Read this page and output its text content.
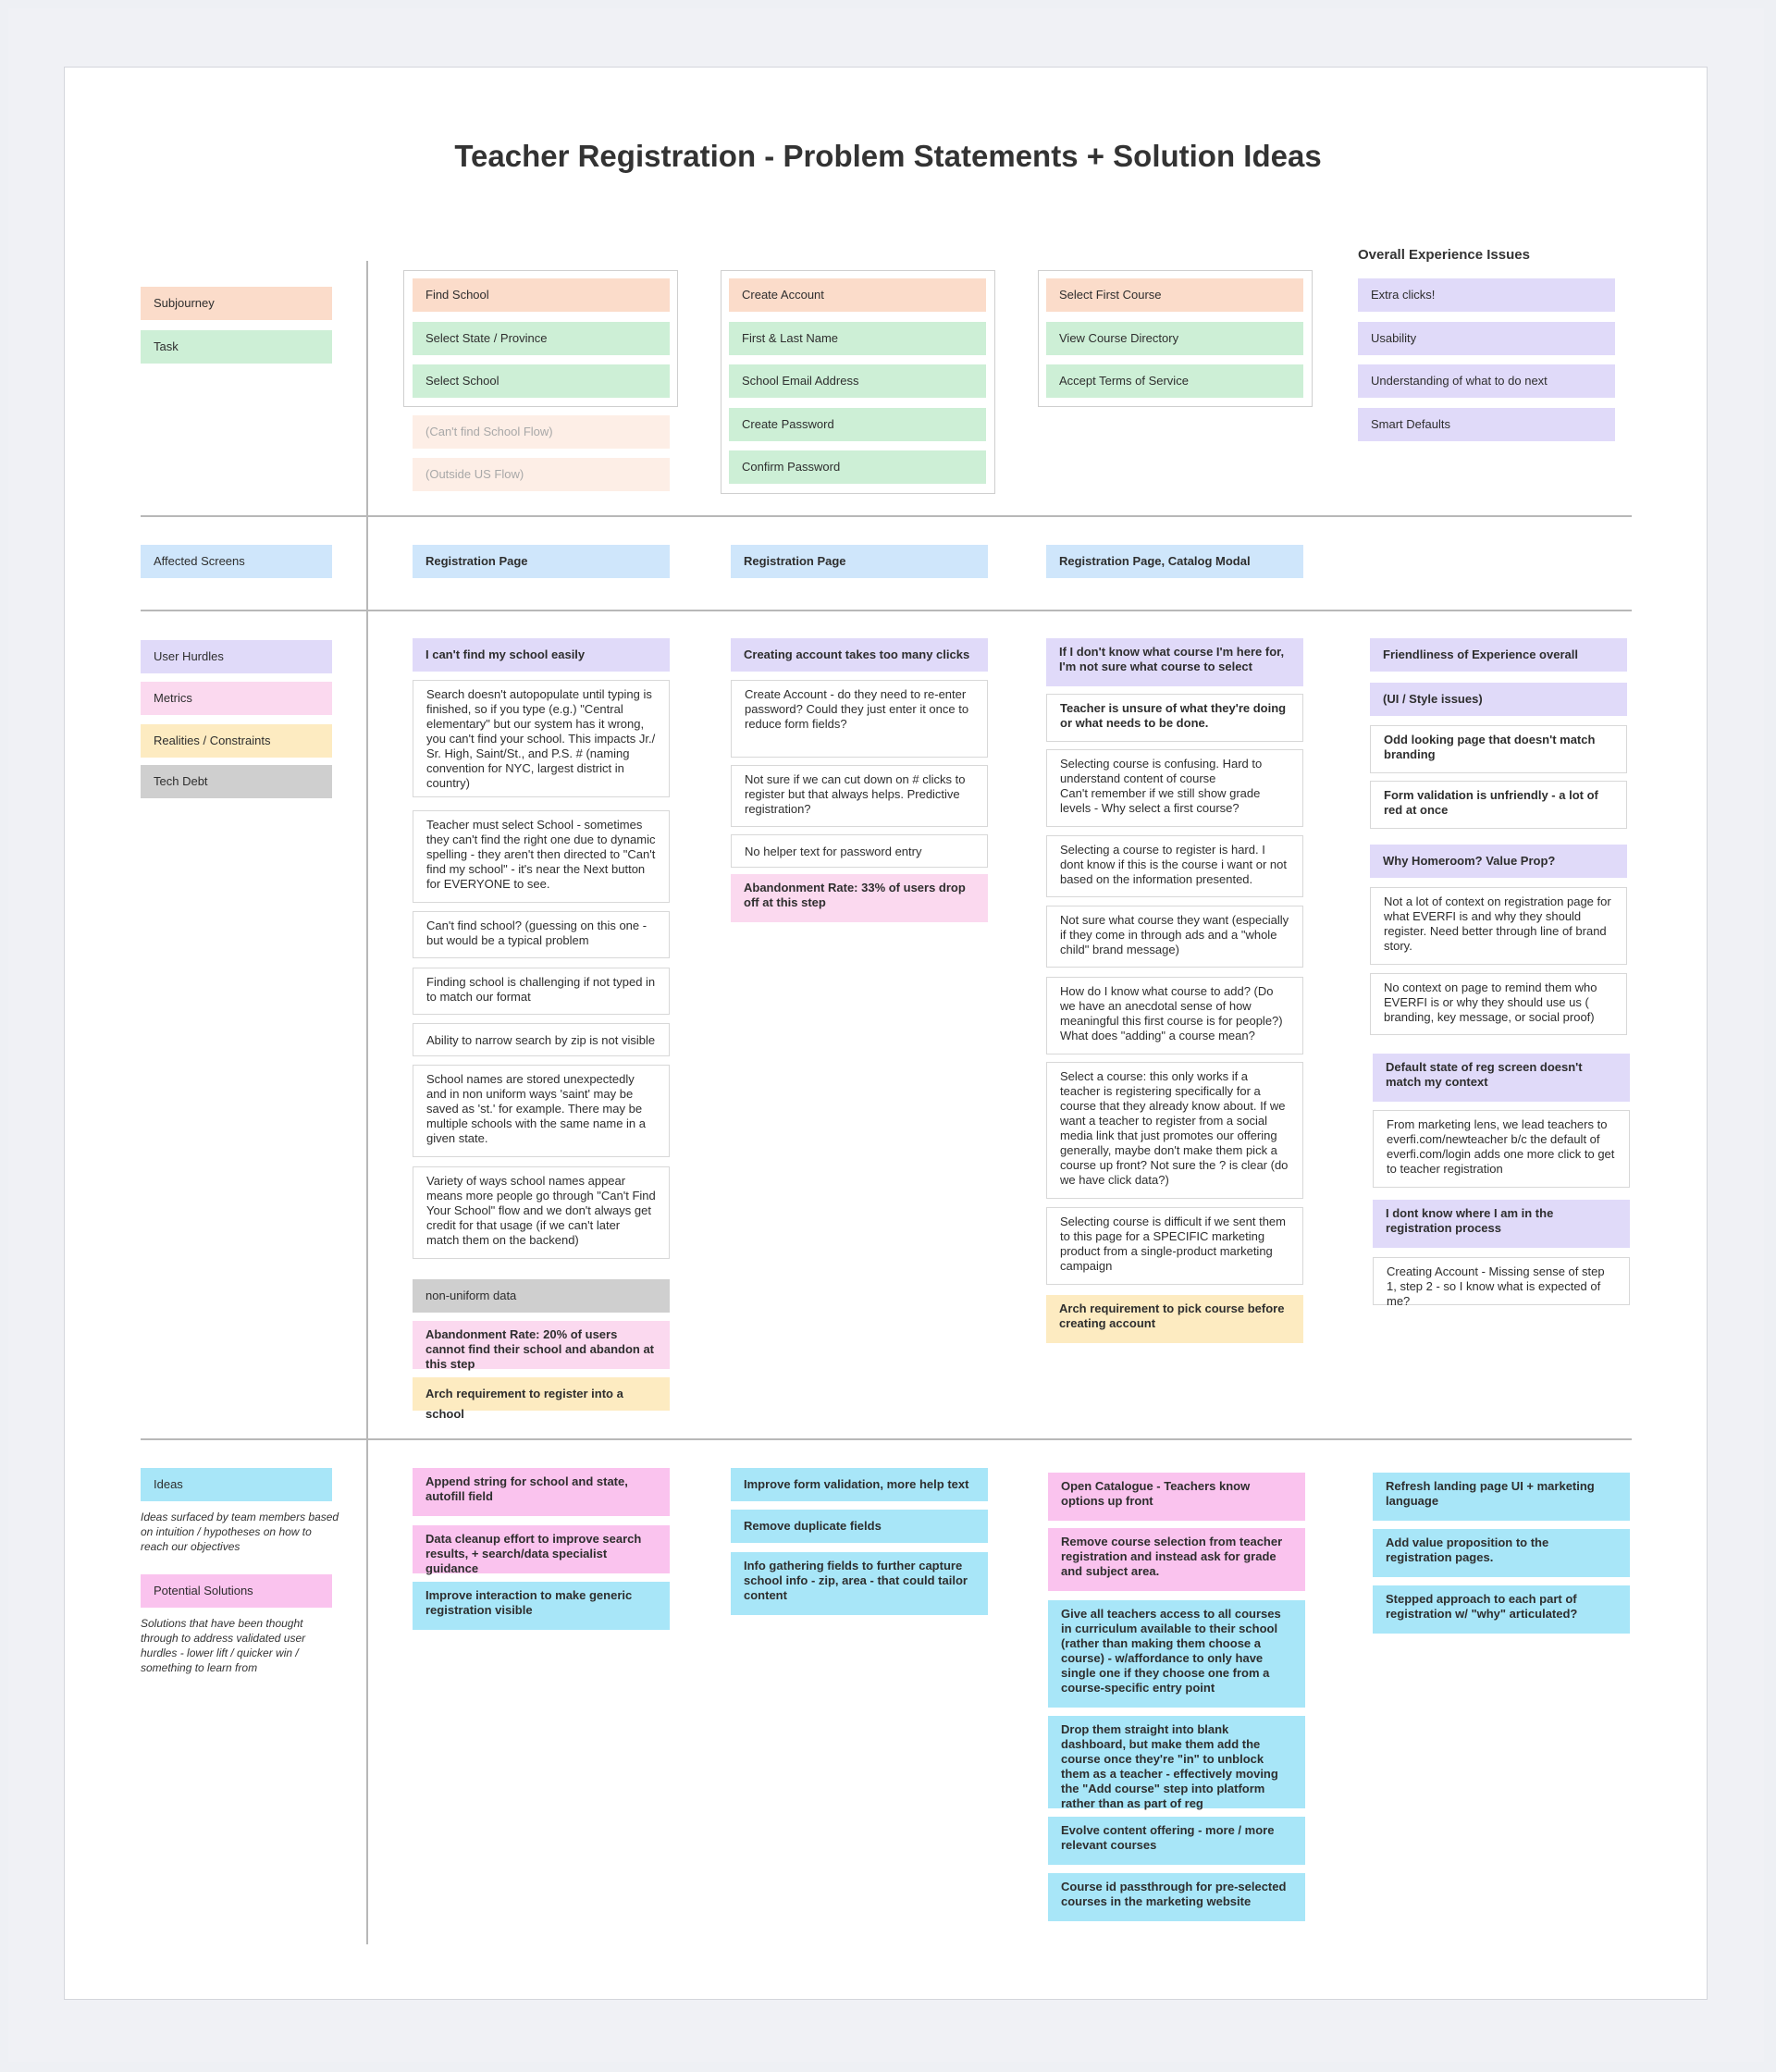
Teacher Registration - Problem Statements + Solution Ideas
Subjourney
Task
Affected Screens
User Hurdles
Metrics
Realities / Constraints
Tech Debt
Ideas
Ideas surfaced by team members based on intuition / hypotheses on how to reach our objectives
Potential Solutions
Solutions that have been thought through to address validated user hurdles - lower lift / quicker win / something to learn from
Find School
Select State / Province
Select School
(Can't find School Flow)
(Outside US Flow)
Create Account
First & Last Name
School Email Address
Create Password
Confirm Password
Select First Course
View Course Directory
Accept Terms of Service
Overall Experience Issues
Extra clicks!
Usability
Understanding of what to do next
Smart Defaults
Registration Page	Registration Page	Registration Page, Catalog Modal
I can't find my school easily
Search doesn't autopopulate until typing is finished, so if you type (e.g.) "Central elementary" but our system has it wrong, you can't find your school. This impacts Jr./ Sr. High, Saint/St., and P.S. # (naming convention for NYC, largest district in country)
Teacher must select School - sometimes they can't find the right one due to dynamic spelling - they aren't then directed to "Can't find my school" - it's near the Next button for EVERYONE to see.
Can't find school? (guessing on this one - but would be a typical problem
Finding school is challenging if not typed in to match our format
Ability to narrow search by zip is not visible
School names are stored unexpectedly and in non uniform ways 'saint' may be saved as 'st.' for example. There may be multiple schools with the same name in a given state.
Variety of ways school names appear means more people go through "Can't Find Your School" flow and we don't always get credit for that usage (if we can't later match them on the backend)
non-uniform data
Abandonment Rate: 20% of users cannot find their school and abandon at this step
Arch requirement to register into a school
Creating account takes too many clicks
Create Account - do they need to re-enter password? Could they just enter it once to reduce form fields?
Not sure if we can cut down on # clicks to register but that always helps. Predictive registration?
No helper text for password entry
Abandonment Rate: 33% of users drop off at this step
If I don't know what course I'm here for, I'm not sure what course to select
Teacher is unsure of what they're doing or what needs to be done.
Selecting course is confusing. Hard to understand content of course
Can't remember if we still show grade levels - Why select a first course?
Selecting a course to register is hard. I dont know if this is the course i want or not based on the information presented.
Not sure what course they want (especially if they come in through ads and a "whole child" brand message)
How do I know what course to add? (Do we have an anecdotal sense of how meaningful this first course is for people?) What does "adding" a course mean?
Select a course: this only works if a teacher is registering specifically for a course that they already know about. If we want a teacher to register from a social media link that just promotes our offering generally, maybe don't make them pick a course up front? Not sure the ? is clear (do we have click data?)
Selecting course is difficult if we sent them to this page for a SPECIFIC marketing product from a single-product marketing campaign
Arch requirement to pick course before creating account
Friendliness of Experience overall
(UI / Style issues)
Odd looking page that doesn't match branding
Form validation is unfriendly - a lot of red at once
Why Homeroom? Value Prop?
Not a lot of context on registration page for what EVERFI is and why they should register. Need better through line of brand story.
No context on page to remind them who EVERFI is or why they should use us ( branding, key message, or social proof)
Default state of reg screen doesn't match my context
From marketing lens, we lead teachers to everfi.com/newteacher b/c the default of everfi.com/login adds one more click to get to teacher registration
I dont know where I am in the registration process
Creating Account - Missing sense of step 1, step 2 - so I know what is expected of me?
Append string for school and state, autofill field
Data cleanup effort to improve search results, + search/data specialist guidance
Improve interaction to make generic registration visible
Improve form validation, more help text
Remove duplicate fields
Info gathering fields to further capture school info - zip, area - that could tailor content
Open Catalogue - Teachers know options up front
Remove course selection from teacher registration and instead ask for grade and subject area.
Give all teachers access to all courses in curriculum available to their school (rather than making them choose a course) - w/affordance to only have single one if they choose one from a course-specific entry point
Drop them straight into blank dashboard, but make them add the course once they're "in" to unblock them as a teacher - effectively moving the "Add course" step into platform rather than as part of reg
Evolve content offering - more / more relevant courses
Course id passthrough for pre-selected courses in the marketing website
Refresh landing page UI + marketing language
Add value proposition to the registration pages.
Stepped approach to each part of registration w/ "why" articulated?
